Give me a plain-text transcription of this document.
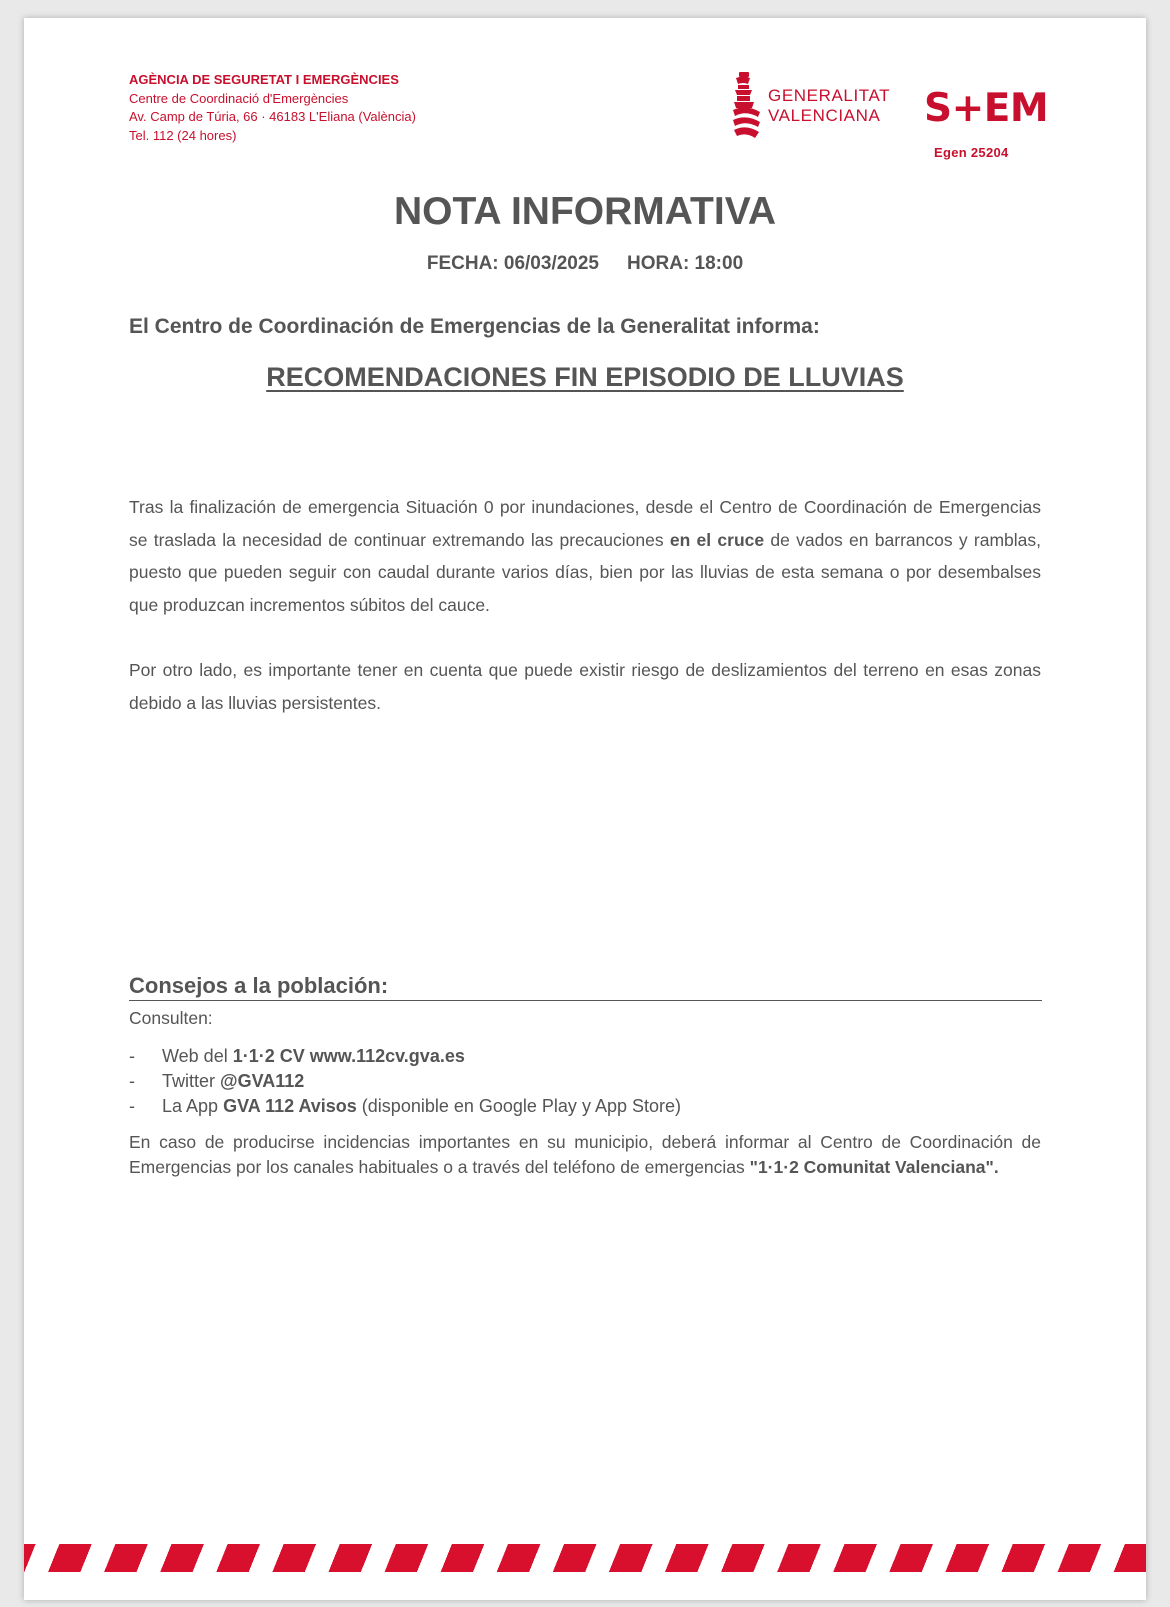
AGÈNCIA DE SEGURETAT I EMERGÈNCIES
Centre de Coordinació d'Emergències
Av. Camp de Túria, 66 · 46183 L'Eliana (València)
Tel. 112 (24 hores)
GENERALITAT
VALENCIANA S+EM
Egen 25204
NOTA INFORMATIVA
FECHA: 06/03/2025 HORA: 18:00
El Centro de Coordinación de Emergencias de la Generalitat informa:
RECOMENDACIONES FIN EPISODIO DE LLUVIAS
Tras la finalización de emergencia Situación 0 por inundaciones, desde el Centro de Coordinación de Emergencias se traslada la necesidad de continuar extremando las precauciones en el cruce de vados en barrancos y ramblas, puesto que pueden seguir con caudal durante varios días, bien por las lluvias de esta semana o por desembalses que produzcan incrementos súbitos del cauce.
Por otro lado, es importante tener en cuenta que puede existir riesgo de deslizamientos del terreno en esas zonas debido a las lluvias persistentes.
Consejos a la población:
Consulten:
- Web del 1·1·2 CV www.112cv.gva.es
- Twitter @GVA112
- La App GVA 112 Avisos (disponible en Google Play y App Store)
En caso de producirse incidencias importantes en su municipio, deberá informar al Centro de Coordinación de Emergencias por los canales habituales o a través del teléfono de emergencias "1·1·2 Comunitat Valenciana".
